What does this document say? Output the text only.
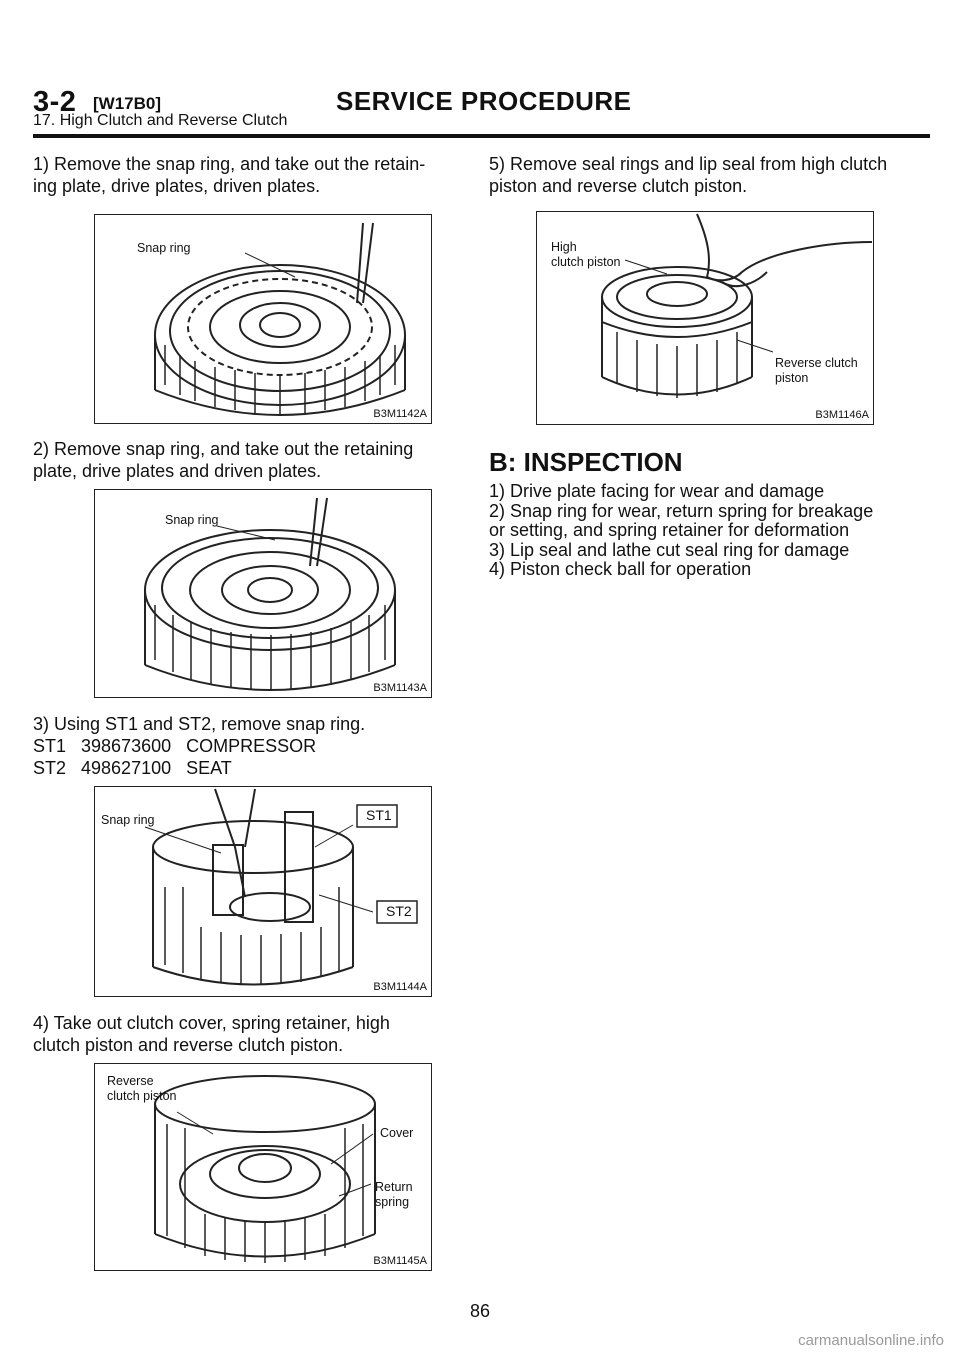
3-2 [W17B0]	SERVICE PROCEDURE
17. High Clutch and Reverse Clutch
1) Remove the snap ring, and take out the retain-
ing plate, drive plates, driven plates.
Snap ring
B3M1142A
2) Remove snap ring, and take out the retaining
plate, drive plates and driven plates.
Snap ring
B3M1143A
3) Using ST1 and ST2, remove snap ring.
ST1   398673600   COMPRESSOR
ST2   498627100   SEAT
Snap ring	ST1
ST2
B3M1144A
4) Take out clutch cover, spring retainer, high
clutch piston and reverse clutch piston.
Reverse
clutch piston
Cover
Return
spring
B3M1145A
5) Remove seal rings and lip seal from high clutch
piston and reverse clutch piston.
High
clutch piston
Reverse clutch
piston
B3M1146A
B: INSPECTION
1) Drive plate facing for wear and damage
2) Snap ring for wear, return spring for breakage
or setting, and spring retainer for deformation
3) Lip seal and lathe cut seal ring for damage
4) Piston check ball for operation
86
carmanualsonline.info
